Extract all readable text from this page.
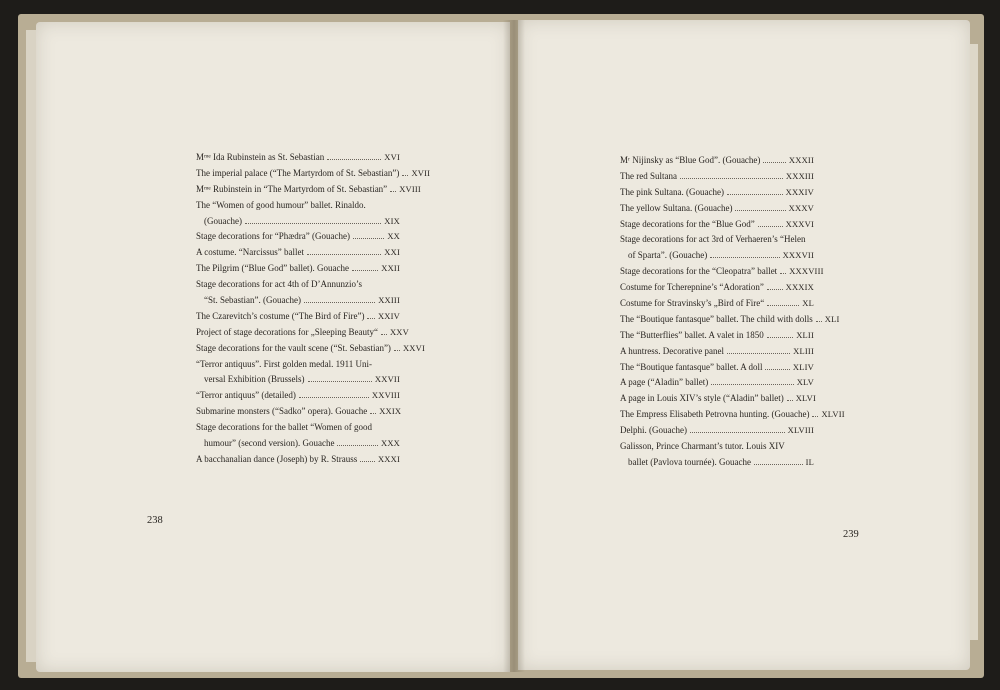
Mᵐᵉ Ida Rubinstein as St. Sebastian	XVI
The imperial palace (“The Martyrdom of St. Sebastian”) XVII
Mᵐᵉ Rubinstein in “The Martyrdom of St. Sebastian” XVIII
The “Women of good humour” ballet. Rinaldo.
(Gouache)	XIX
Stage decorations for “Phædra” (Gouache)	XX
A costume. “Narcissus” ballet	XXI
The Pilgrim (“Blue God” ballet). Gouache	XXII
Stage decorations for act 4th of D’Annunzio’s
“St. Sebastian”. (Gouache)	XXIII
The Czarevitch’s costume (“The Bird of Fire”) XXIV
Project of stage decorations for „Sleeping Beauty“ XXV
Stage decorations for the vault scene (“St. Sebastian”) XXVI
“Terror antiquus”. First golden medal. 1911 Uni-
versal Exhibition (Brussels)	XXVII
“Terror antiquus” (detailed)	XXVIII
Submarine monsters (“Sadko” opera). Gouache XXIX
Stage decorations for the ballet “Women of good
humour” (second version). Gouache	XXX
A bacchanalian dance (Joseph) by R. Strauss XXXI
Mʳ Nijinsky as “Blue God”. (Gouache)	XXXII
The red Sultana	XXXIII
The pink Sultana. (Gouache)	XXXIV
The yellow Sultana. (Gouache)	XXXV
Stage decorations for the “Blue God”	XXXVI
Stage decorations for act 3rd of Verhaeren’s “Helen
of Sparta”. (Gouache)	XXXVII
Stage decorations for the “Cleopatra” ballet XXXVIII
Costume for Tcherepnine’s “Adoration”	XXXIX
Costume for Stravinsky’s „Bird of Fire“	XL
The “Boutique fantasque” ballet. The child with dolls XLI
The “Butterflies” ballet. A valet in 1850	XLII
A huntress. Decorative panel	XLIII
The “Boutique fantasque” ballet. A doll	XLIV
A page (“Aladin” ballet)	XLV
A page in Louis XIV’s style (“Aladin” ballet) XLVI
The Empress Elisabeth Petrovna hunting. (Gouache) XLVII
Delphi. (Gouache)	XLVIII
Galisson, Prince Charmant’s tutor. Louis XIV
ballet (Pavlova tournée). Gouache	IL
238
239
